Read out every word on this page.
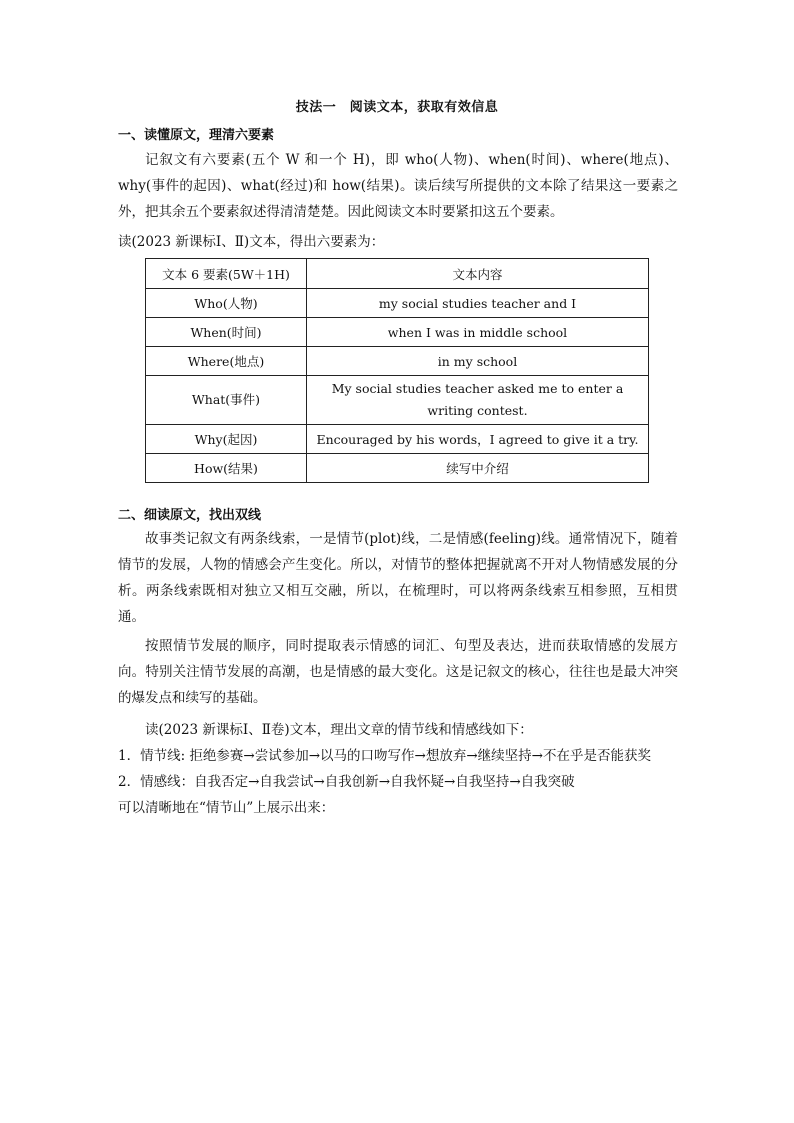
技法一　阅读文本，获取有效信息
一、读懂原文，理清六要素

记叙文有六要素(五个 W 和一个 H)，即 who(人物)、when(时间)、where(地点)、why(事件的起因)、what(经过)和 how(结果)。读后续写所提供的文本除了结果这一要素之外，把其余五个要素叙述得清清楚楚。因此阅读文本时要紧扣这五个要素。

读(2023 新课标Ⅰ、Ⅱ)文本，得出六要素为：
文本 6 要素(5W＋1H)	文本内容
Who(人物)	my social studies teacher and I
When(时间)	when I was in middle school
Where(地点)	in my school
What(事件)	My social studies teacher asked me to enter a writing contest.
Why(起因)	Encouraged by his words，I agreed to give it a try.
How(结果)	续写中介绍
二、细读原文，找出双线

故事类记叙文有两条线索，一是情节(plot)线，二是情感(feeling)线。通常情况下，随着情节的发展，人物的情感会产生变化。所以，对情节的整体把握就离不开对人物情感发展的分析。两条线索既相对独立又相互交融，所以，在梳理时，可以将两条线索互相参照，互相贯通。

按照情节发展的顺序，同时提取表示情感的词汇、句型及表达，进而获取情感的发展方向。特别关注情节发展的高潮，也是情感的最大变化。这是记叙文的核心，往往也是最大冲突的爆发点和续写的基础。

读(2023 新课标Ⅰ、Ⅱ卷)文本，理出文章的情节线和情感线如下：
1．情节线: 拒绝参赛→尝试参加→以马的口吻写作→想放弃→继续坚持→不在乎是否能获奖
2．情感线：自我否定→自我尝试→自我创新→自我怀疑→自我坚持→自我突破
可以清晰地在“情节山”上展示出来：
